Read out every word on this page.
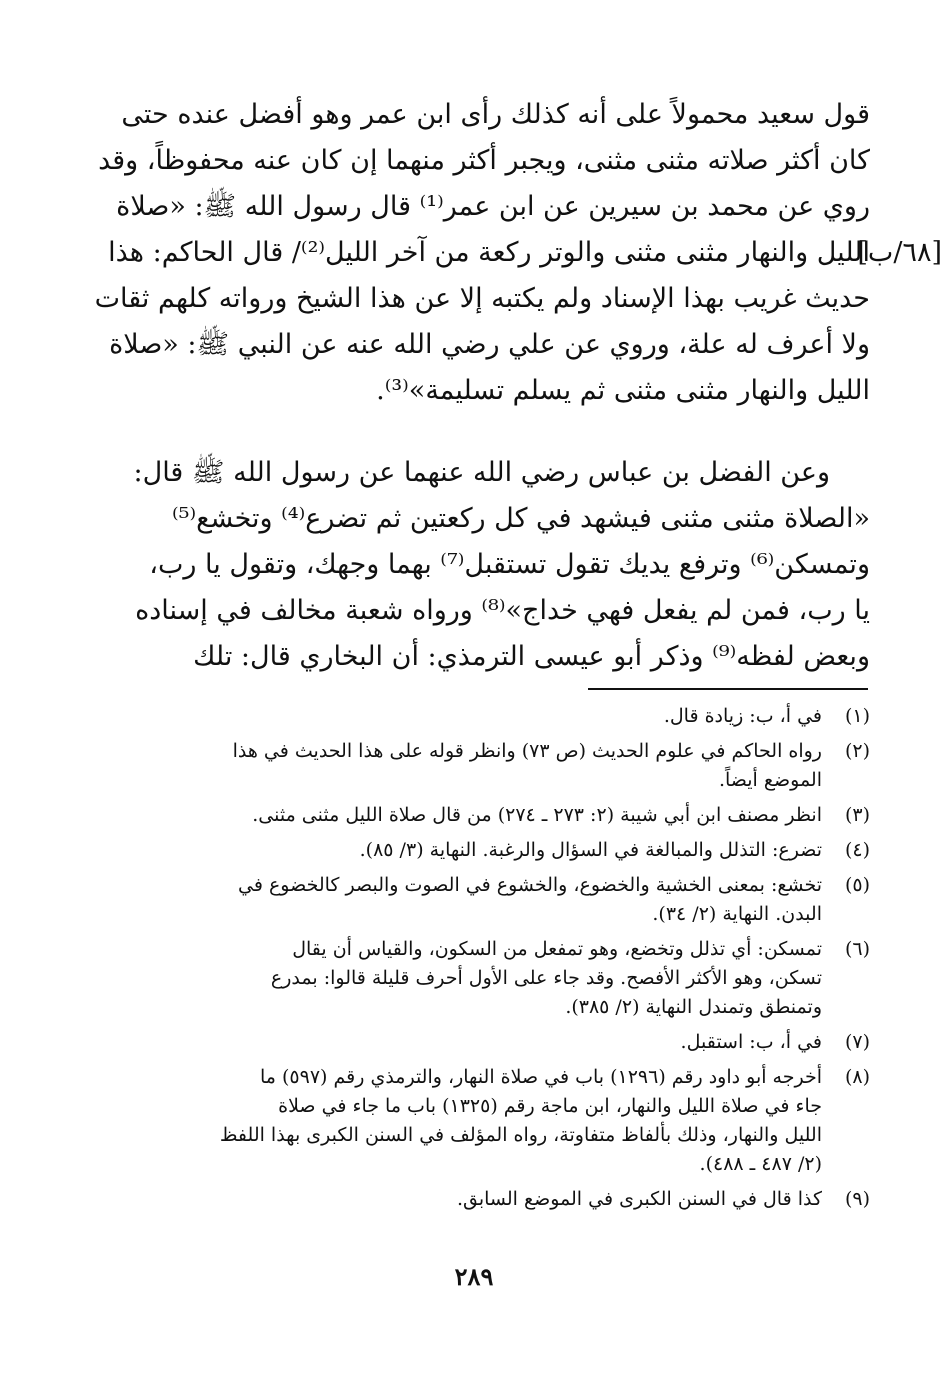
قول سعيد محمولاً على أنه كذلك رأى ابن عمر وهو أفضل عنده حتى
كان أكثر صلاته مثنى مثنى، ويجبر أكثر منهما إن كان عنه محفوظاً، وقد
روي عن محمد بن سيرين عن ابن عمر⁽¹⁾ قال رسول الله ﷺ: «صلاة
الليل والنهار مثنى مثنى والوتر ركعة من آخر الليل⁽²⁾/ قال الحاكم: هذا
[٦٨/ب]
حديث غريب بهذا الإسناد ولم يكتبه إلا عن هذا الشيخ ورواته كلهم ثقات
ولا أعرف له علة، وروي عن علي رضي الله عنه عن النبي ﷺ: «صلاة
الليل والنهار مثنى مثنى ثم يسلم تسليمة»⁽³⁾.
وعن الفضل بن عباس رضي الله عنهما عن رسول الله ﷺ قال:
«الصلاة مثنى مثنى فيشهد في كل ركعتين ثم تضرع⁽⁴⁾ وتخشع⁽⁵⁾
وتمسكن⁽⁶⁾ وترفع يديك تقول تستقبل⁽⁷⁾ بهما وجهك، وتقول يا رب،
يا رب، فمن لم يفعل فهي خداج»⁽⁸⁾ ورواه شعبة مخالف في إسناده
وبعض لفظه⁽⁹⁾ وذكر أبو عيسى الترمذي: أن البخاري قال: تلك
(١)
في أ، ب: زيادة قال.
(٢)
رواه الحاكم في علوم الحديث (ص ٧٣) وانظر قوله على هذا الحديث في هذا
الموضع أيضاً.
(٣)
انظر مصنف ابن أبي شيبة (٢: ٢٧٣ ـ ٢٧٤) من قال صلاة الليل مثنى مثنى.
(٤)
تضرع: التذلل والمبالغة في السؤال والرغبة. النهاية (٣/ ٨٥).
(٥)
تخشع: بمعنى الخشية والخضوع، والخشوع في الصوت والبصر كالخضوع في
البدن. النهاية (٢/ ٣٤).
(٦)
تمسكن: أي تذلل وتخضع، وهو تمفعل من السكون، والقياس أن يقال
تسكن، وهو الأكثر الأفصح. وقد جاء على الأول أحرف قليلة قالوا: بمدرع
وتمنطق وتمندل النهاية (٢/ ٣٨٥).
(٧)
في أ، ب: استقبل.
(٨)
أخرجه أبو داود رقم (١٢٩٦) باب في صلاة النهار، والترمذي رقم (٥٩٧) ما
جاء في صلاة الليل والنهار، ابن ماجة رقم (١٣٢٥) باب ما جاء في صلاة
الليل والنهار، وذلك بألفاظ متفاوتة، رواه المؤلف في السنن الكبرى بهذا اللفظ
(٢/ ٤٨٧ ـ ٤٨٨).
(٩)
كذا قال في السنن الكبرى في الموضع السابق.
٢٨٩
